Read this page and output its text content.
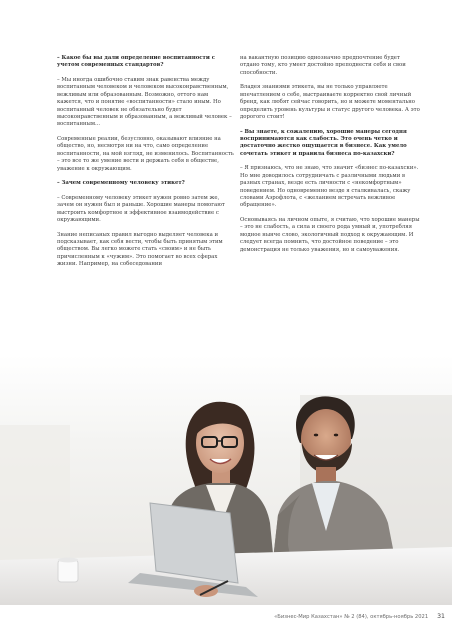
– Какое бы вы дали определение воспитанности с учетом современных стандартов?

– Мы иногда ошибочно ставим знак равенства между воспитанным человеком и человеком высоконравственным, вежливым или образованным. Возможно, оттого нам кажется, что и понятие «воспитанности» стало иным. Но воспитанный человек не обязательно будет высоконравственным и образованным, а вежливый человек – воспитанным...

Современные реалии, безусловно, оказывают влияние на общество, но, несмотря ни на что, само определение воспитанности, на мой взгляд, не изменилось. Воспитанность – это все то же умение вести и держать себя в обществе, уважение к окружающим.

– Зачем современному человеку этикет?

– Современному человеку этикет нужен ровно затем же, зачем он нужен был и раньше. Хорошие манеры помогают выстроить комфортное и эффективное взаимодействие с окружающими.

Знание неписаных правил выгодно выделяет человека и подсказывает, как себя вести, чтобы быть принятым этим обществом. Вы легко можете стать «своим» и не быть причисленным к «чужим». Это помогает во всех сферах жизни. Например, на собеседовании

на вакантную позицию однозначно предпочтение будет отдано тому, кто умеет достойно преподнести себя и свои способности.

Владея знаниями этикета, вы не только управляете впечатлением о себе, выстраиваете корректно свой личный бренд, как любят сейчас говорить, но и можете моментально определить уровень культуры и статус другого человека. А это дорогого стоит!

– Вы знаете, к сожалению, хорошие манеры сегодня воспринимаются как слабость. Это очень четко и достаточно жестко ощущается в бизнесе. Как умело сочетать этикет и правила бизнеса по-казахски?

– Я признаюсь, что не знаю, что значит «бизнес по-казахски». Но мне доводилось сотрудничать с различными людьми в разных странах, везде есть личности с «некомфортным» поведением. Но одновременно везде я сталкивалась, скажу словами Аэрофлота, с «желанием встречать вежливое обращение».

Основываясь на личном опыте, я считаю, что хорошие манеры – это не слабость, а сила и своего рода умный и, употребляя модное нынче слово, экологичный подход к окружающим. И следует всегда помнить, что достойное поведение – это демонстрация не только уважения, но и самоуважения.

«Бизнес-Мир Казахстан» № 2 (84), октябрь-ноябрь 2021 31
